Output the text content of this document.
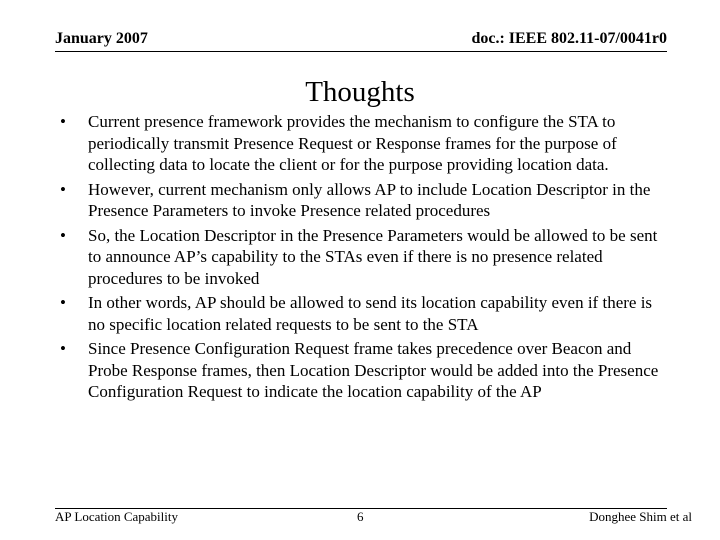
January 2007	doc.: IEEE 802.11-07/0041r0
Thoughts
•	Current presence framework provides the mechanism to configure the STA to periodically transmit Presence Request or Response frames for the purpose of collecting data to locate the client or for the purpose providing location data.
•	However, current mechanism only allows AP to include Location Descriptor in the Presence Parameters to invoke Presence related procedures
•	So, the Location Descriptor in the Presence Parameters would be allowed to be sent to announce AP’s capability to the STAs even if there is no presence related procedures to be invoked
•	In other words, AP should be allowed to send its location capability even if there is no specific location related requests to be sent to the STA
•	Since Presence Configuration Request frame takes precedence over Beacon and Probe Response frames, then Location Descriptor would be added into the Presence Configuration Request to indicate the location capability of the AP
AP Location Capability	6	Donghee Shim et al
